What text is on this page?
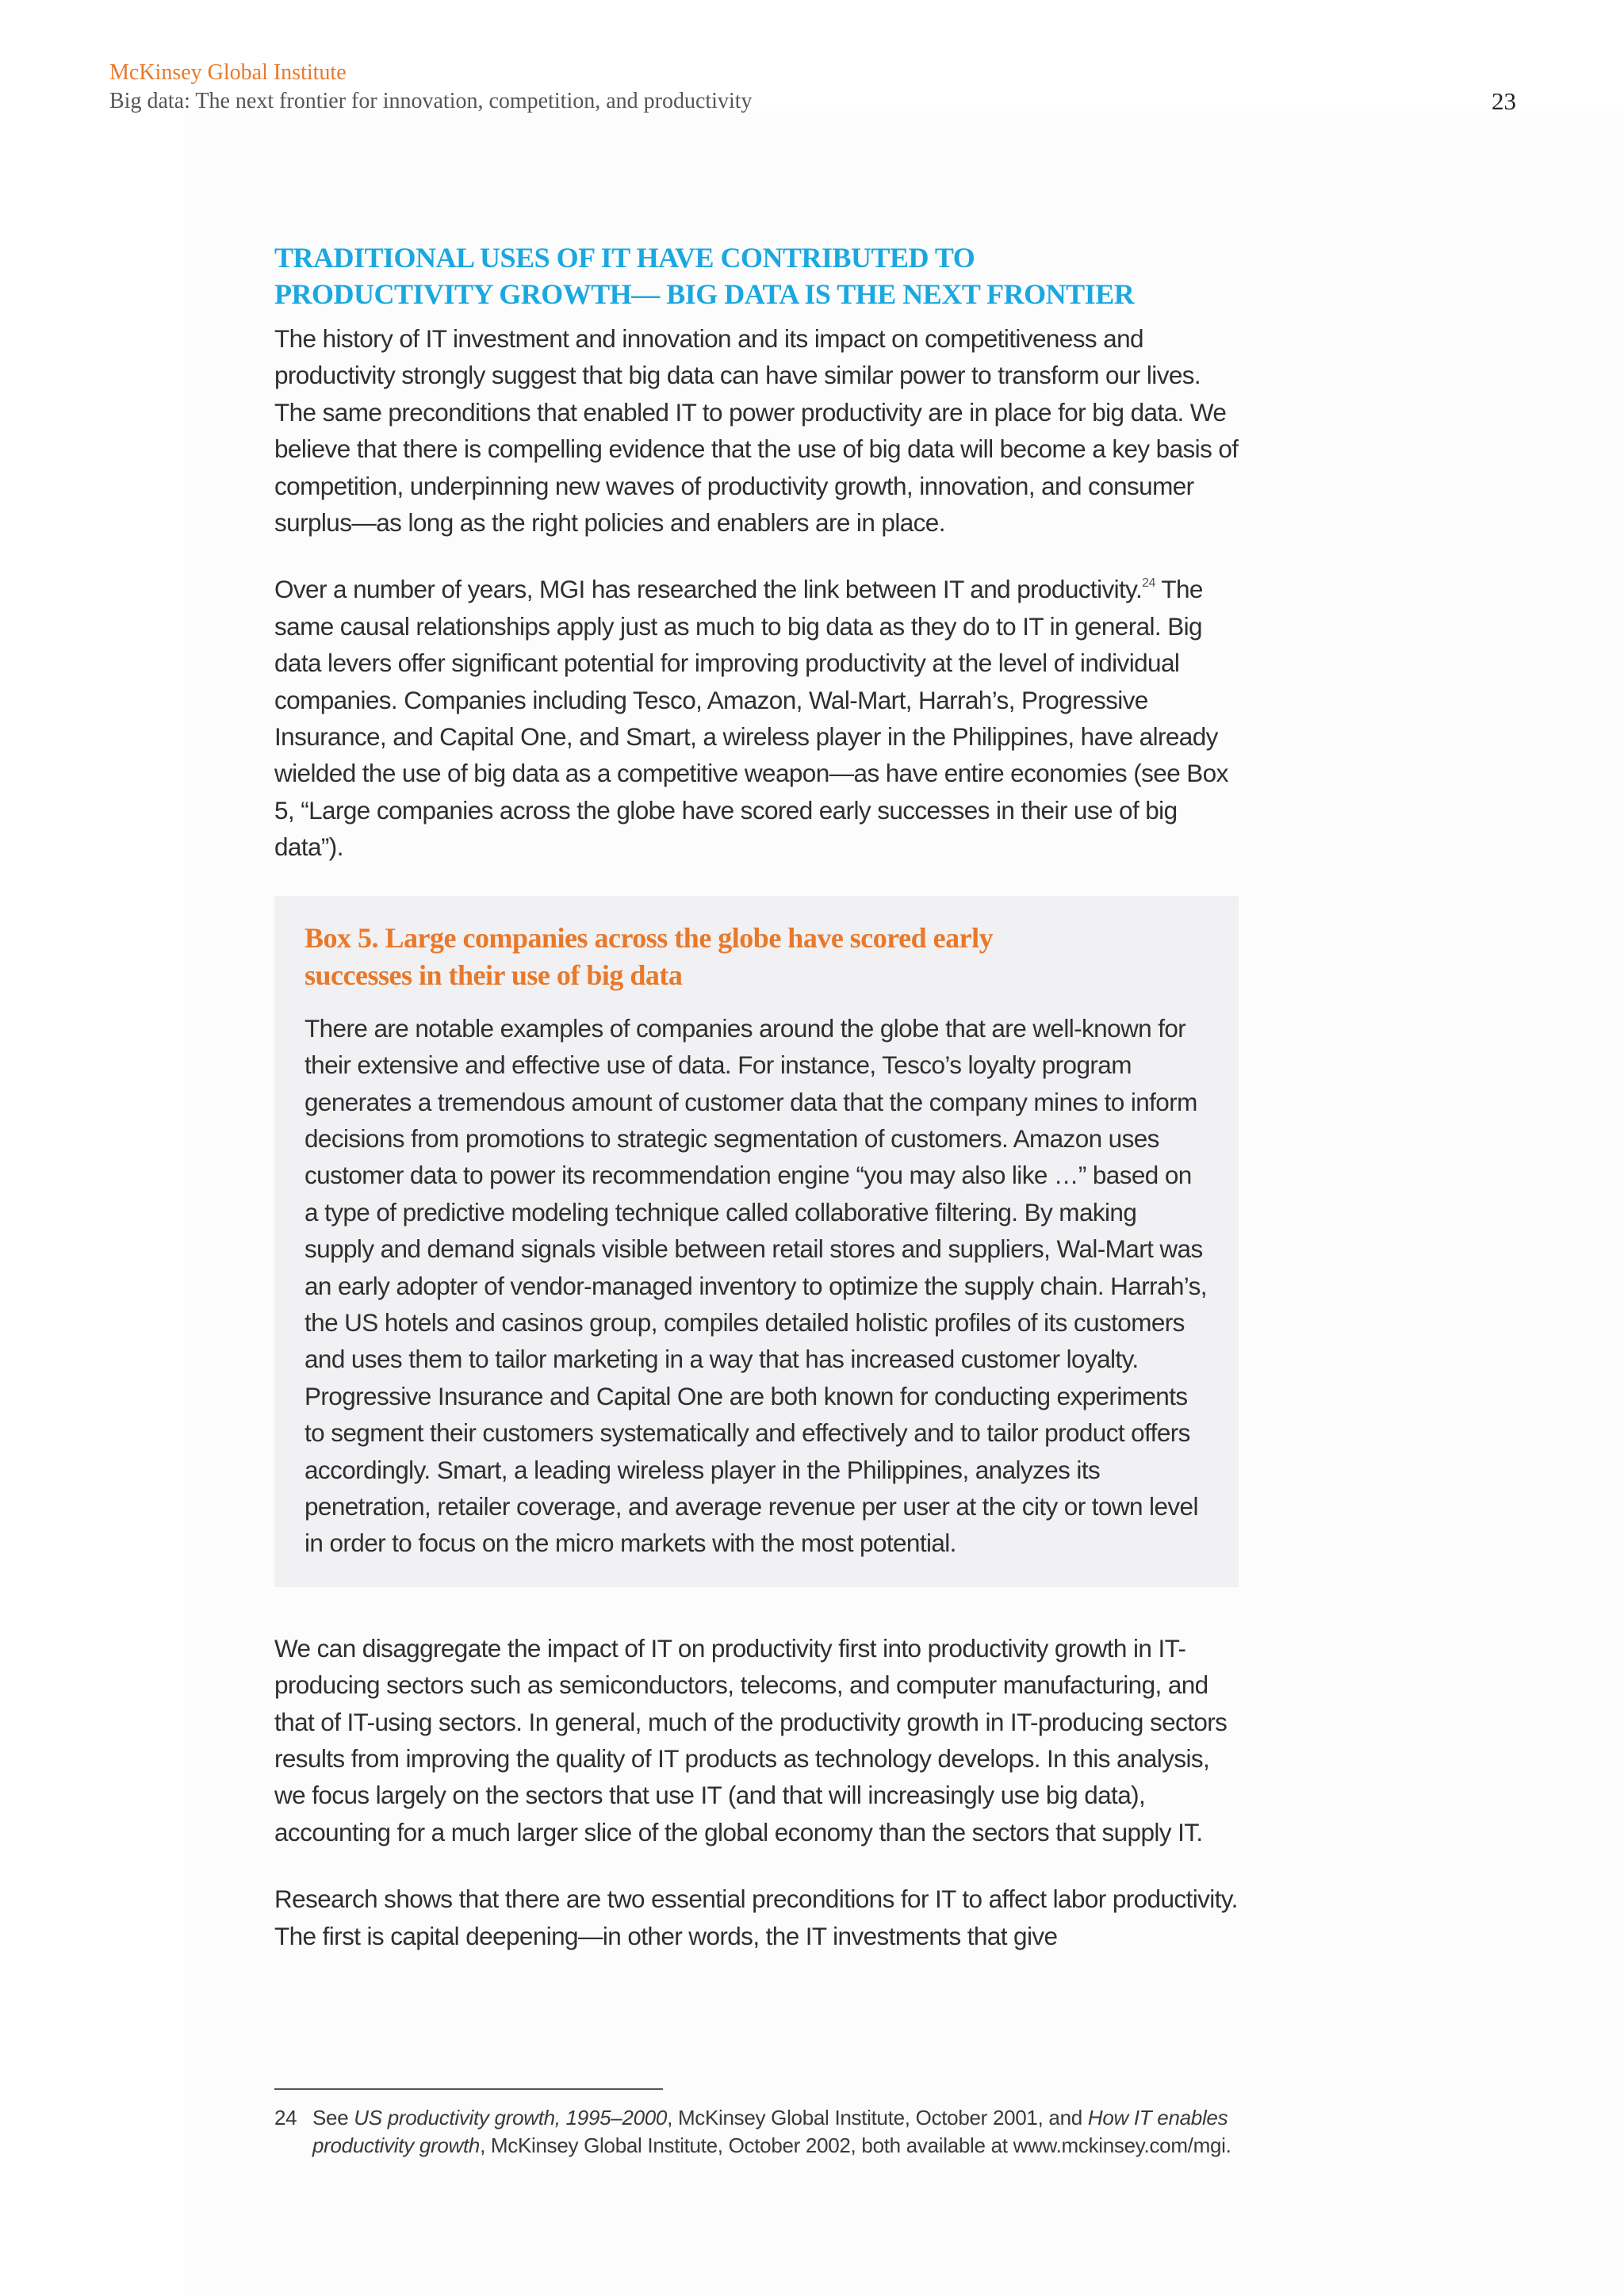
McKinsey Global Institute
Big data: The next frontier for innovation, competition, and productivity	23
TRADITIONAL USES OF IT HAVE CONTRIBUTED TO
PRODUCTIVITY GROWTH— BIG DATA IS THE NEXT FRONTIER

The history of IT investment and innovation and its impact on competitiveness and productivity strongly suggest that big data can have similar power to transform our lives. The same preconditions that enabled IT to power productivity are in place for big data. We believe that there is compelling evidence that the use of big data will become a key basis of competition, underpinning new waves of productivity growth, innovation, and consumer surplus—as long as the right policies and enablers are in place.

Over a number of years, MGI has researched the link between IT and productivity.$^{24}$ The same causal relationships apply just as much to big data as they do to IT in general. Big data levers offer significant potential for improving productivity at the level of individual companies. Companies including Tesco, Amazon, Wal-Mart, Harrah’s, Progressive Insurance, and Capital One, and Smart, a wireless player in the Philippines, have already wielded the use of big data as a competitive weapon—as have entire economies (see Box 5, “Large companies across the globe have scored early successes in their use of big data”).

Box 5. Large companies across the globe have scored early
successes in their use of big data

There are notable examples of companies around the globe that are well-known for their extensive and effective use of data. For instance, Tesco’s loyalty program generates a tremendous amount of customer data that the company mines to inform decisions from promotions to strategic segmentation of customers. Amazon uses customer data to power its recommendation engine “you may also like …” based on a type of predictive modeling technique called collaborative filtering. By making supply and demand signals visible between retail stores and suppliers, Wal-Mart was an early adopter of vendor-managed inventory to optimize the supply chain. Harrah’s, the US hotels and casinos group, compiles detailed holistic profiles of its customers and uses them to tailor marketing in a way that has increased customer loyalty. Progressive Insurance and Capital One are both known for conducting experiments to segment their customers systematically and effectively and to tailor product offers accordingly. Smart, a leading wireless player in the Philippines, analyzes its penetration, retailer coverage, and average revenue per user at the city or town level in order to focus on the micro markets with the most potential.

We can disaggregate the impact of IT on productivity first into productivity growth in IT-producing sectors such as semiconductors, telecoms, and computer manufacturing, and that of IT-using sectors. In general, much of the productivity growth in IT-producing sectors results from improving the quality of IT products as technology develops. In this analysis, we focus largely on the sectors that use IT (and that will increasingly use big data), accounting for a much larger slice of the global economy than the sectors that supply IT.

Research shows that there are two essential preconditions for IT to affect labor productivity. The first is capital deepening—in other words, the IT investments that give

24 See US productivity growth, 1995–2000, McKinsey Global Institute, October 2001, and How IT enables productivity growth, McKinsey Global Institute, October 2002, both available at www.mckinsey.com/mgi.
